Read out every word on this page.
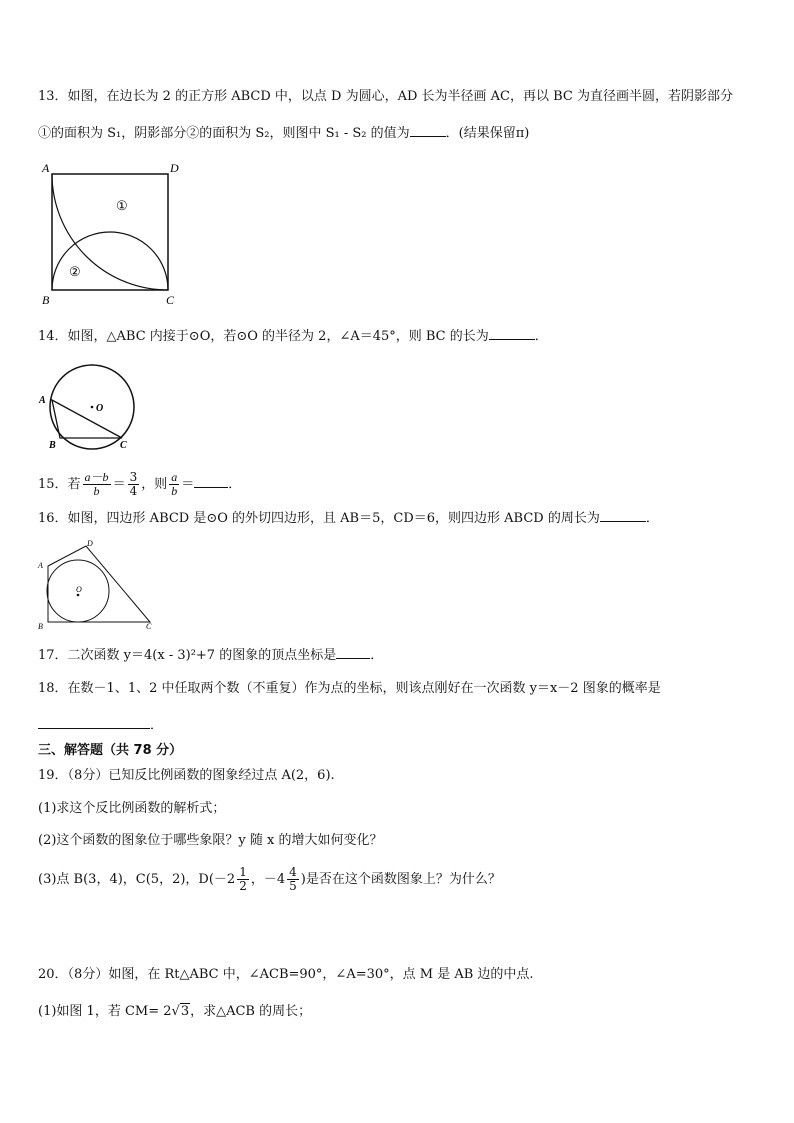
13．如图，在边长为 2 的正方形 ABCD 中，以点 D 为圆心，AD 长为半径画 AC，再以 BC 为直径画半圆，若阴影部分
①的面积为 S₁，阴影部分②的面积为 S₂，则图中 S₁ - S₂ 的值为	．(结果保留π)
A	D
B	C
①
②
14．如图，△ABC 内接于⊙O，若⊙O 的半径为 2，∠A＝45°，则 BC 的长为	．
O
A
B	C
15．若 $\frac{a-b}{b} = \frac{3}{4}$ ，则 $\frac{a}{b}$ ＝	．
16．如图，四边形 ABCD 是⊙O 的外切四边形，且 AB＝5，CD＝6，则四边形 ABCD 的周长为	．
O
A
D
B	C
17．二次函数 y＝4(x - 3)²+7 的图象的顶点坐标是	．
18．在数－1、1、2 中任取两个数（不重复）作为点的坐标，则该点刚好在一次函数 y＝x－2 图象的概率是
．
三、解答题（共 78 分）
19．（8分）已知反比例函数的图象经过点 A(2，6).
(1)求这个反比例函数的解析式；
(2)这个函数的图象位于哪些象限？y 随 x 的增大如何变化？
(3)点 B(3，4)，C(5，2)，$D(-2 \frac{1}{2}$ ，$-4 \frac{4}{5}$ )是否在这个函数图象上？为什么？
20．（8分）如图，在 Rt△ABC 中，∠ACB=90°，∠A=30°，点 M 是 AB 边的中点.
(1)如图 1，若 CM= 2√3，求△ACB 的周长；
